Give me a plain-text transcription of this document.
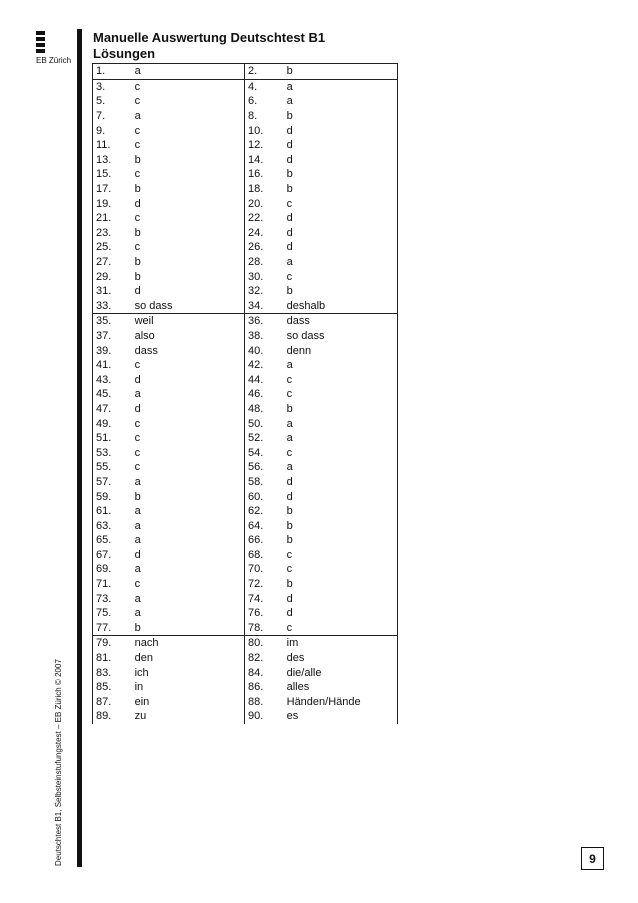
EB Zürich
Deutschtest B1, Selbsteinstufungstest – EB Zürich © 2007
Manuelle Auswertung Deutschtest B1
Lösungen
1.	a	2.	b
3.	c	4.	a
5.	c	6.	a
7.	a	8.	b
9.	c	10.	d
11.	c	12.	d
13.	b	14.	d
15.	c	16.	b
17.	b	18.	b
19.	d	20.	c
21.	c	22.	d
23.	b	24.	d
25.	c	26.	d
27.	b	28.	a
29.	b	30.	c
31.	d	32.	b
33.	so dass	34.	deshalb
35.	weil	36.	dass
37.	also	38.	so dass
39.	dass	40.	denn
41.	c	42.	a
43.	d	44.	c
45.	a	46.	c
47.	d	48.	b
49.	c	50.	a
51.	c	52.	a
53.	c	54.	c
55.	c	56.	a
57.	a	58.	d
59.	b	60.	d
61.	a	62.	b
63.	a	64.	b
65.	a	66.	b
67.	d	68.	c
69.	a	70.	c
71.	c	72.	b
73.	a	74.	d
75.	a	76.	d
77.	b	78.	c
79.	nach	80.	im
81.	den	82.	des
83.	ich	84.	die/alle
85.	in	86.	alles
87.	ein	88.	Händen/Hände
89.	zu	90.	es
9
